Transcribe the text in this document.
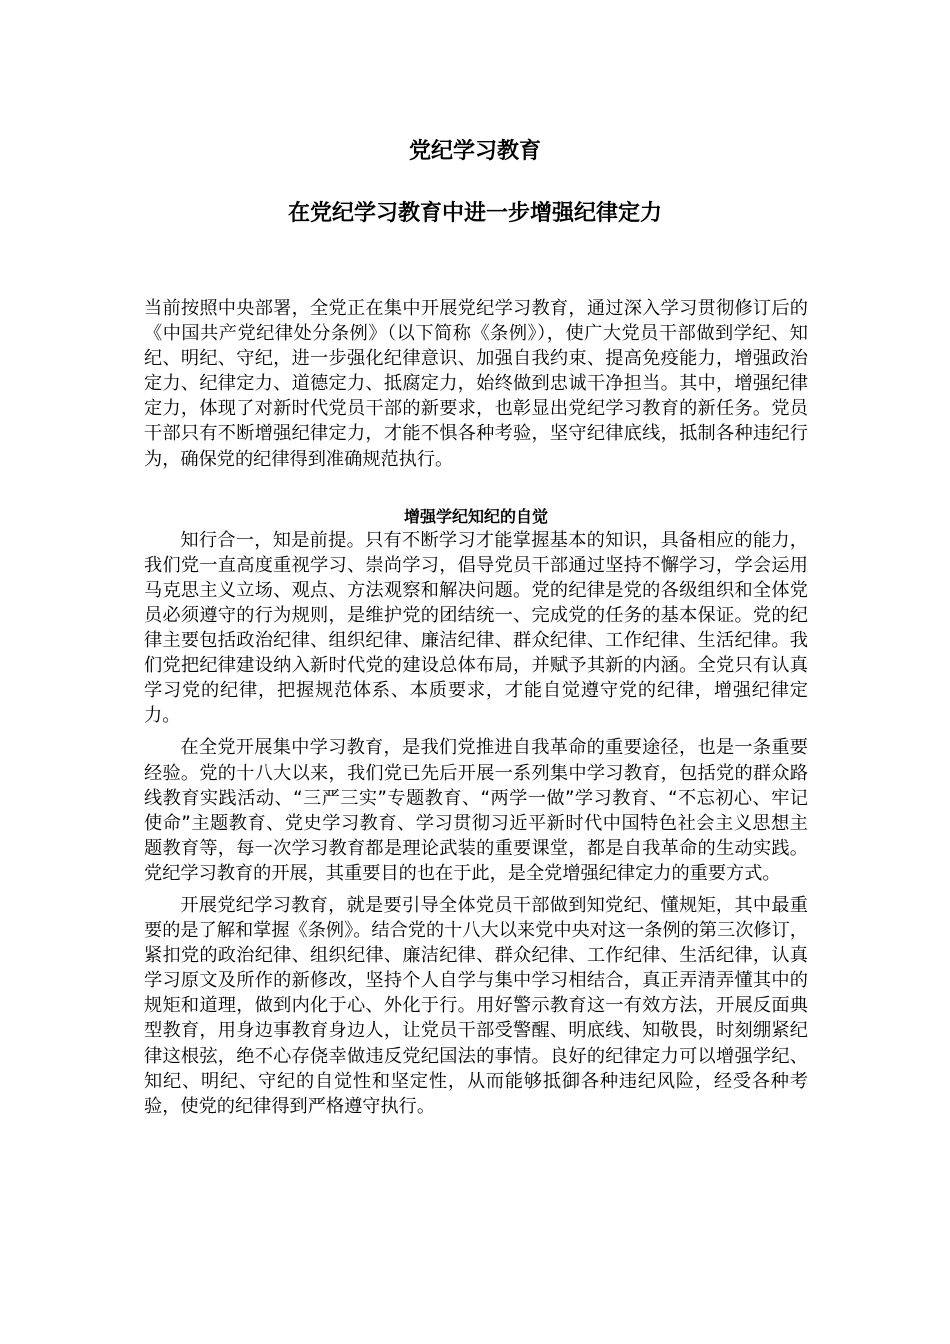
党纪学习教育
在党纪学习教育中进一步增强纪律定力

当前按照中央部署，全党正在集中开展党纪学习教育，通过深入学习贯彻修订后的《中国共产党纪律处分条例》（以下简称《条例》），使广大党员干部做到学纪、知纪、明纪、守纪，进一步强化纪律意识、加强自我约束、提高免疫能力，增强政治定力、纪律定力、道德定力、抵腐定力，始终做到忠诚干净担当。其中，增强纪律定力，体现了对新时代党员干部的新要求，也彰显出党纪学习教育的新任务。党员干部只有不断增强纪律定力，才能不惧各种考验，坚守纪律底线，抵制各种违纪行为，确保党的纪律得到准确规范执行。

增强学纪知纪的自觉

知行合一，知是前提。只有不断学习才能掌握基本的知识，具备相应的能力，我们党一直高度重视学习、崇尚学习，倡导党员干部通过坚持不懈学习，学会运用马克思主义立场、观点、方法观察和解决问题。党的纪律是党的各级组织和全体党员必须遵守的行为规则，是维护党的团结统一、完成党的任务的基本保证。党的纪律主要包括政治纪律、组织纪律、廉洁纪律、群众纪律、工作纪律、生活纪律。我们党把纪律建设纳入新时代党的建设总体布局，并赋予其新的内涵。全党只有认真学习党的纪律，把握规范体系、本质要求，才能自觉遵守党的纪律，增强纪律定力。

在全党开展集中学习教育，是我们党推进自我革命的重要途径，也是一条重要经验。党的十八大以来，我们党已先后开展一系列集中学习教育，包括党的群众路线教育实践活动、“三严三实”专题教育、“两学一做”学习教育、“不忘初心、牢记使命”主题教育、党史学习教育、学习贯彻习近平新时代中国特色社会主义思想主题教育等，每一次学习教育都是理论武装的重要课堂，都是自我革命的生动实践。党纪学习教育的开展，其重要目的也在于此，是全党增强纪律定力的重要方式。

开展党纪学习教育，就是要引导全体党员干部做到知党纪、懂规矩，其中最重要的是了解和掌握《条例》。结合党的十八大以来党中央对这一条例的第三次修订，紧扣党的政治纪律、组织纪律、廉洁纪律、群众纪律、工作纪律、生活纪律，认真学习原文及所作的新修改，坚持个人自学与集中学习相结合，真正弄清弄懂其中的规矩和道理，做到内化于心、外化于行。用好警示教育这一有效方法，开展反面典型教育，用身边事教育身边人，让党员干部受警醒、明底线、知敬畏，时刻绷紧纪律这根弦，绝不心存侥幸做违反党纪国法的事情。良好的纪律定力可以增强学纪、知纪、明纪、守纪的自觉性和坚定性，从而能够抵御各种违纪风险，经受各种考验，使党的纪律得到严格遵守执行。
